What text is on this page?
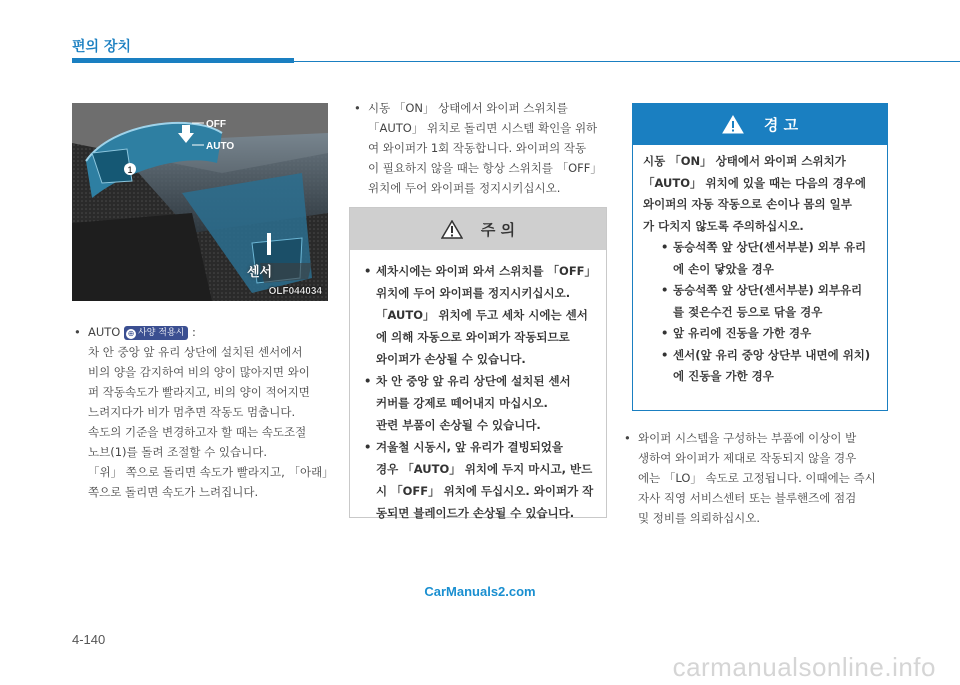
편의 장치
1
OFF
AUTO
센서
OLF044034
• AUTO ⊕ 사양 적용시 :
차 안 중앙 앞 유리 상단에 설치된 센서에서
비의 양을 감지하여 비의 양이 많아지면 와이
퍼 작동속도가 빨라지고, 비의 양이 적어지면
느려지다가 비가 멈추면 작동도 멈춥니다.
속도의 기준을 변경하고자 할 때는 속도조절
노브(1)를 돌려 조절할 수 있습니다.
「위」 쪽으로 돌리면 속도가 빨라지고, 「아래」
쪽으로 돌리면 속도가 느려집니다.
• 시동 「ON」 상태에서 와이퍼 스위치를
「AUTO」 위치로 돌리면 시스템 확인을 위하
여 와이퍼가 1회 작동합니다. 와이퍼의 작동
이 필요하지 않을 때는 항상 스위치를 「OFF」
위치에 두어 와이퍼를 정지시키십시오.
주 의
• 세차시에는 와이퍼 와셔 스위치를 「OFF」
위치에 두어 와이퍼를 정지시키십시오.
「AUTO」 위치에 두고 세차 시에는 센서
에 의해 자동으로 와이퍼가 작동되므로
와이퍼가 손상될 수 있습니다.
• 차 안 중앙 앞 유리 상단에 설치된 센서
커버를 강제로 떼어내지 마십시오.
관련 부품이 손상될 수 있습니다.
• 겨울철 시동시, 앞 유리가 결빙되었을
경우 「AUTO」 위치에 두지 마시고, 반드
시 「OFF」 위치에 두십시오. 와이퍼가 작
동되면 블레이드가 손상될 수 있습니다.
경 고
시동 「ON」 상태에서 와이퍼 스위치가
「AUTO」 위치에 있을 때는 다음의 경우에
와이퍼의 자동 작동으로 손이나 몸의 일부
가 다치지 않도록 주의하십시오.
• 동승석쪽 앞 상단(센서부분) 외부 유리
에 손이 닿았을 경우
• 동승석쪽 앞 상단(센서부분) 외부유리
를 젖은수건 등으로 닦을 경우
• 앞 유리에 진동을 가한 경우
• 센서(앞 유리 중앙 상단부 내면에 위치)
에 진동을 가한 경우
• 와이퍼 시스템을 구성하는 부품에 이상이 발
생하여 와이퍼가 제대로 작동되지 않을 경우
에는 「LO」 속도로 고정됩니다. 이때에는 즉시
자사 직영 서비스센터 또는 블루핸즈에 점검
및 정비를 의뢰하십시오.
CarManuals2.com
4-140
carmanualsonline.info
